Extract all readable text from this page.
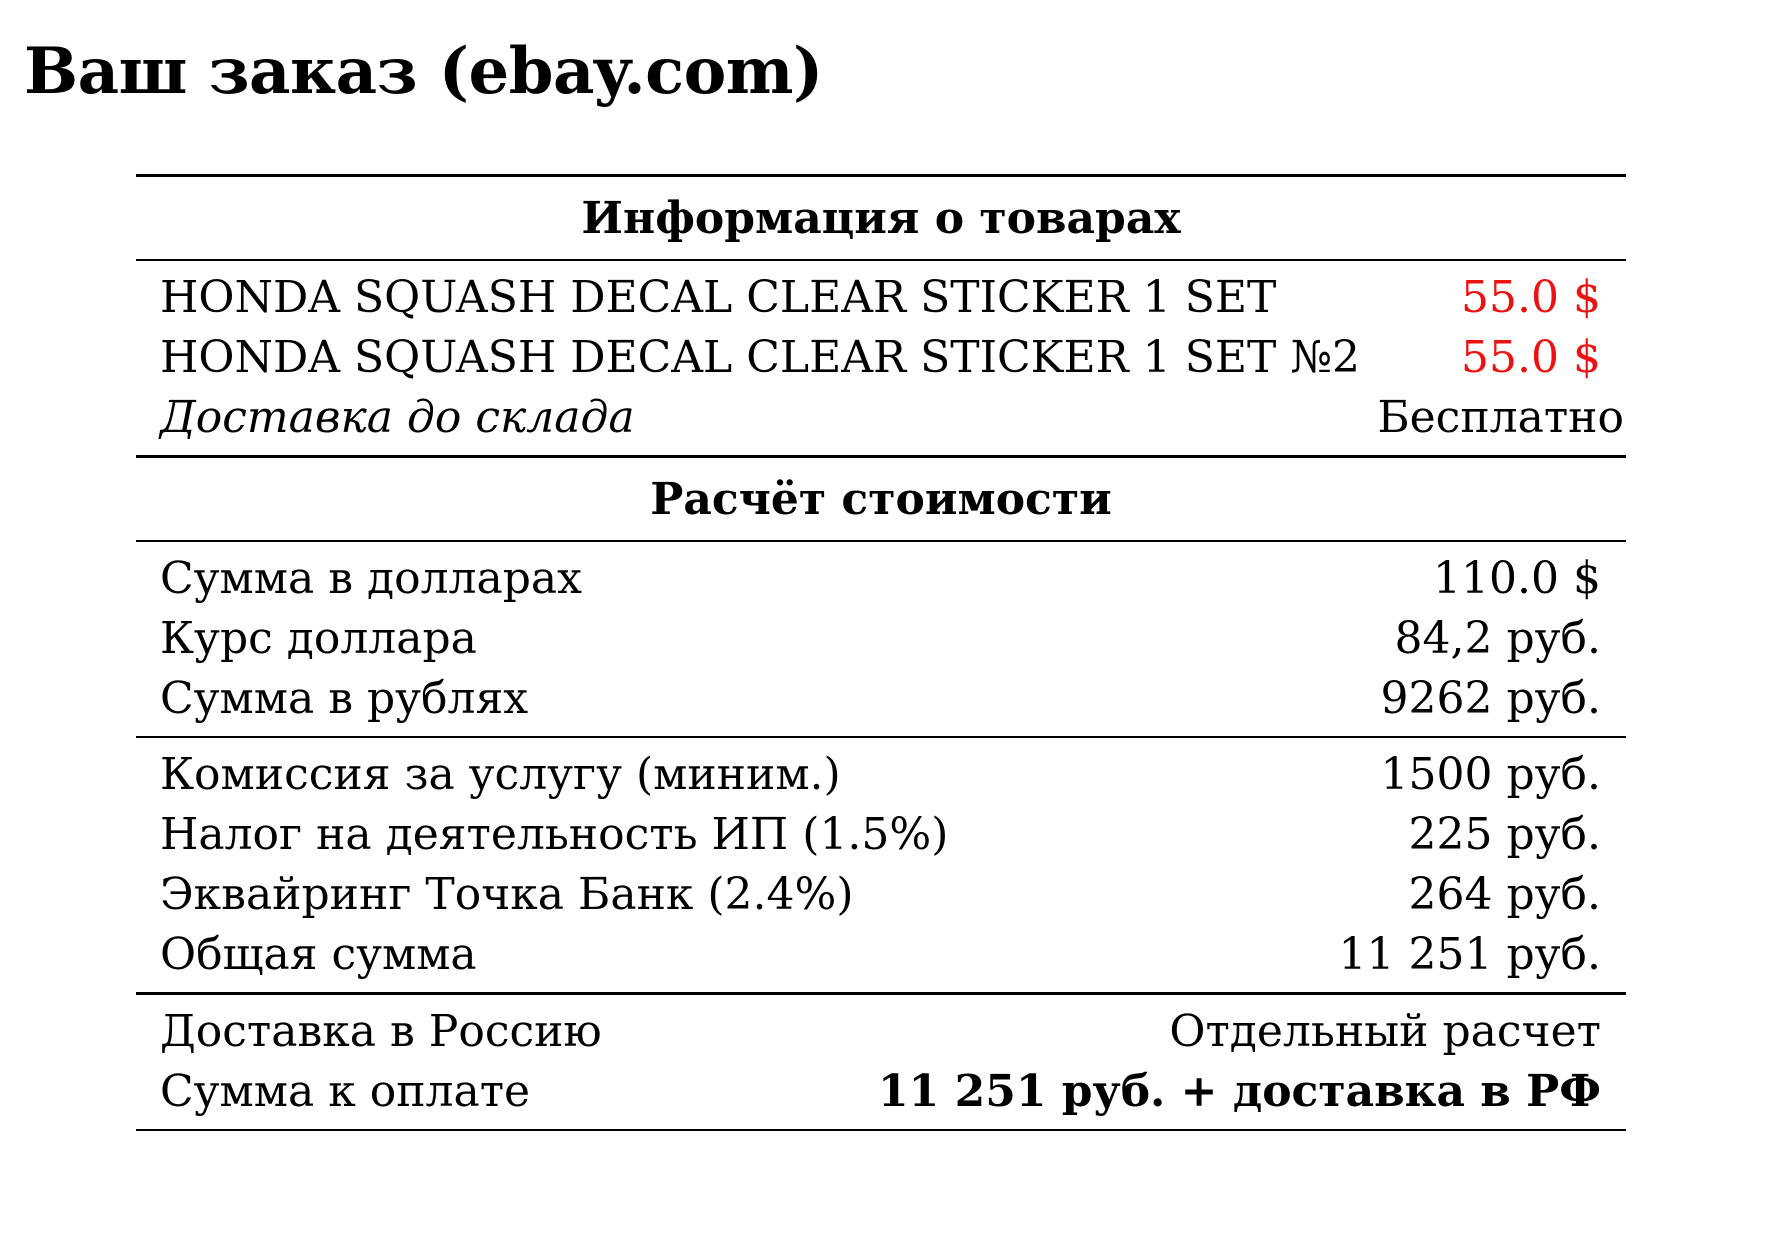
Ваш заказ (ebay.com)
Информация о товарах
HONDA SQUASH DECAL CLEAR STICKER 1 SET	55.0 $
HONDA SQUASH DECAL CLEAR STICKER 1 SET №2 55.0 $
Доставка до склада	Бесплатно
Расчёт стоимости
Сумма в долларах	110.0 $
Курс доллара	84,2 руб.
Сумма в рублях	9262 руб.
Комиссия за услугу (миним.)	1500 руб.
Налог на деятельность ИП (1.5%)	225 руб.
Эквайринг Точка Банк (2.4%)	264 руб.
Общая сумма	11 251 руб.
Доставка в Россию	Отдельный расчет
Сумма к оплате	11 251 руб. + доставка в РФ
